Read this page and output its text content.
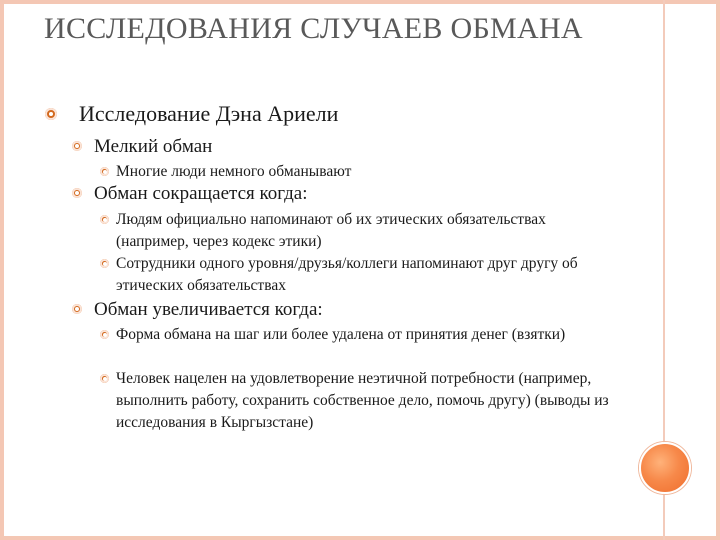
ИССЛЕДОВАНИЯ СЛУЧАЕВ ОБМАНА
Исследование Дэна Ариели
Мелкий обман
Многие люди немного обманывают
Обман сокращается когда:
Людям официально напоминают об их этических обязательствах (например, через кодекс этики)
Сотрудники одного уровня/друзья/коллеги напоминают друг другу об этических обязательствах
Обман увеличивается когда:
Форма обмана на шаг или более удалена от принятия денег (взятки)
Человек нацелен на удовлетворение неэтичной потребности (например, выполнить работу, сохранить собственное дело, помочь другу) (выводы из исследования в Кыргызстане)
